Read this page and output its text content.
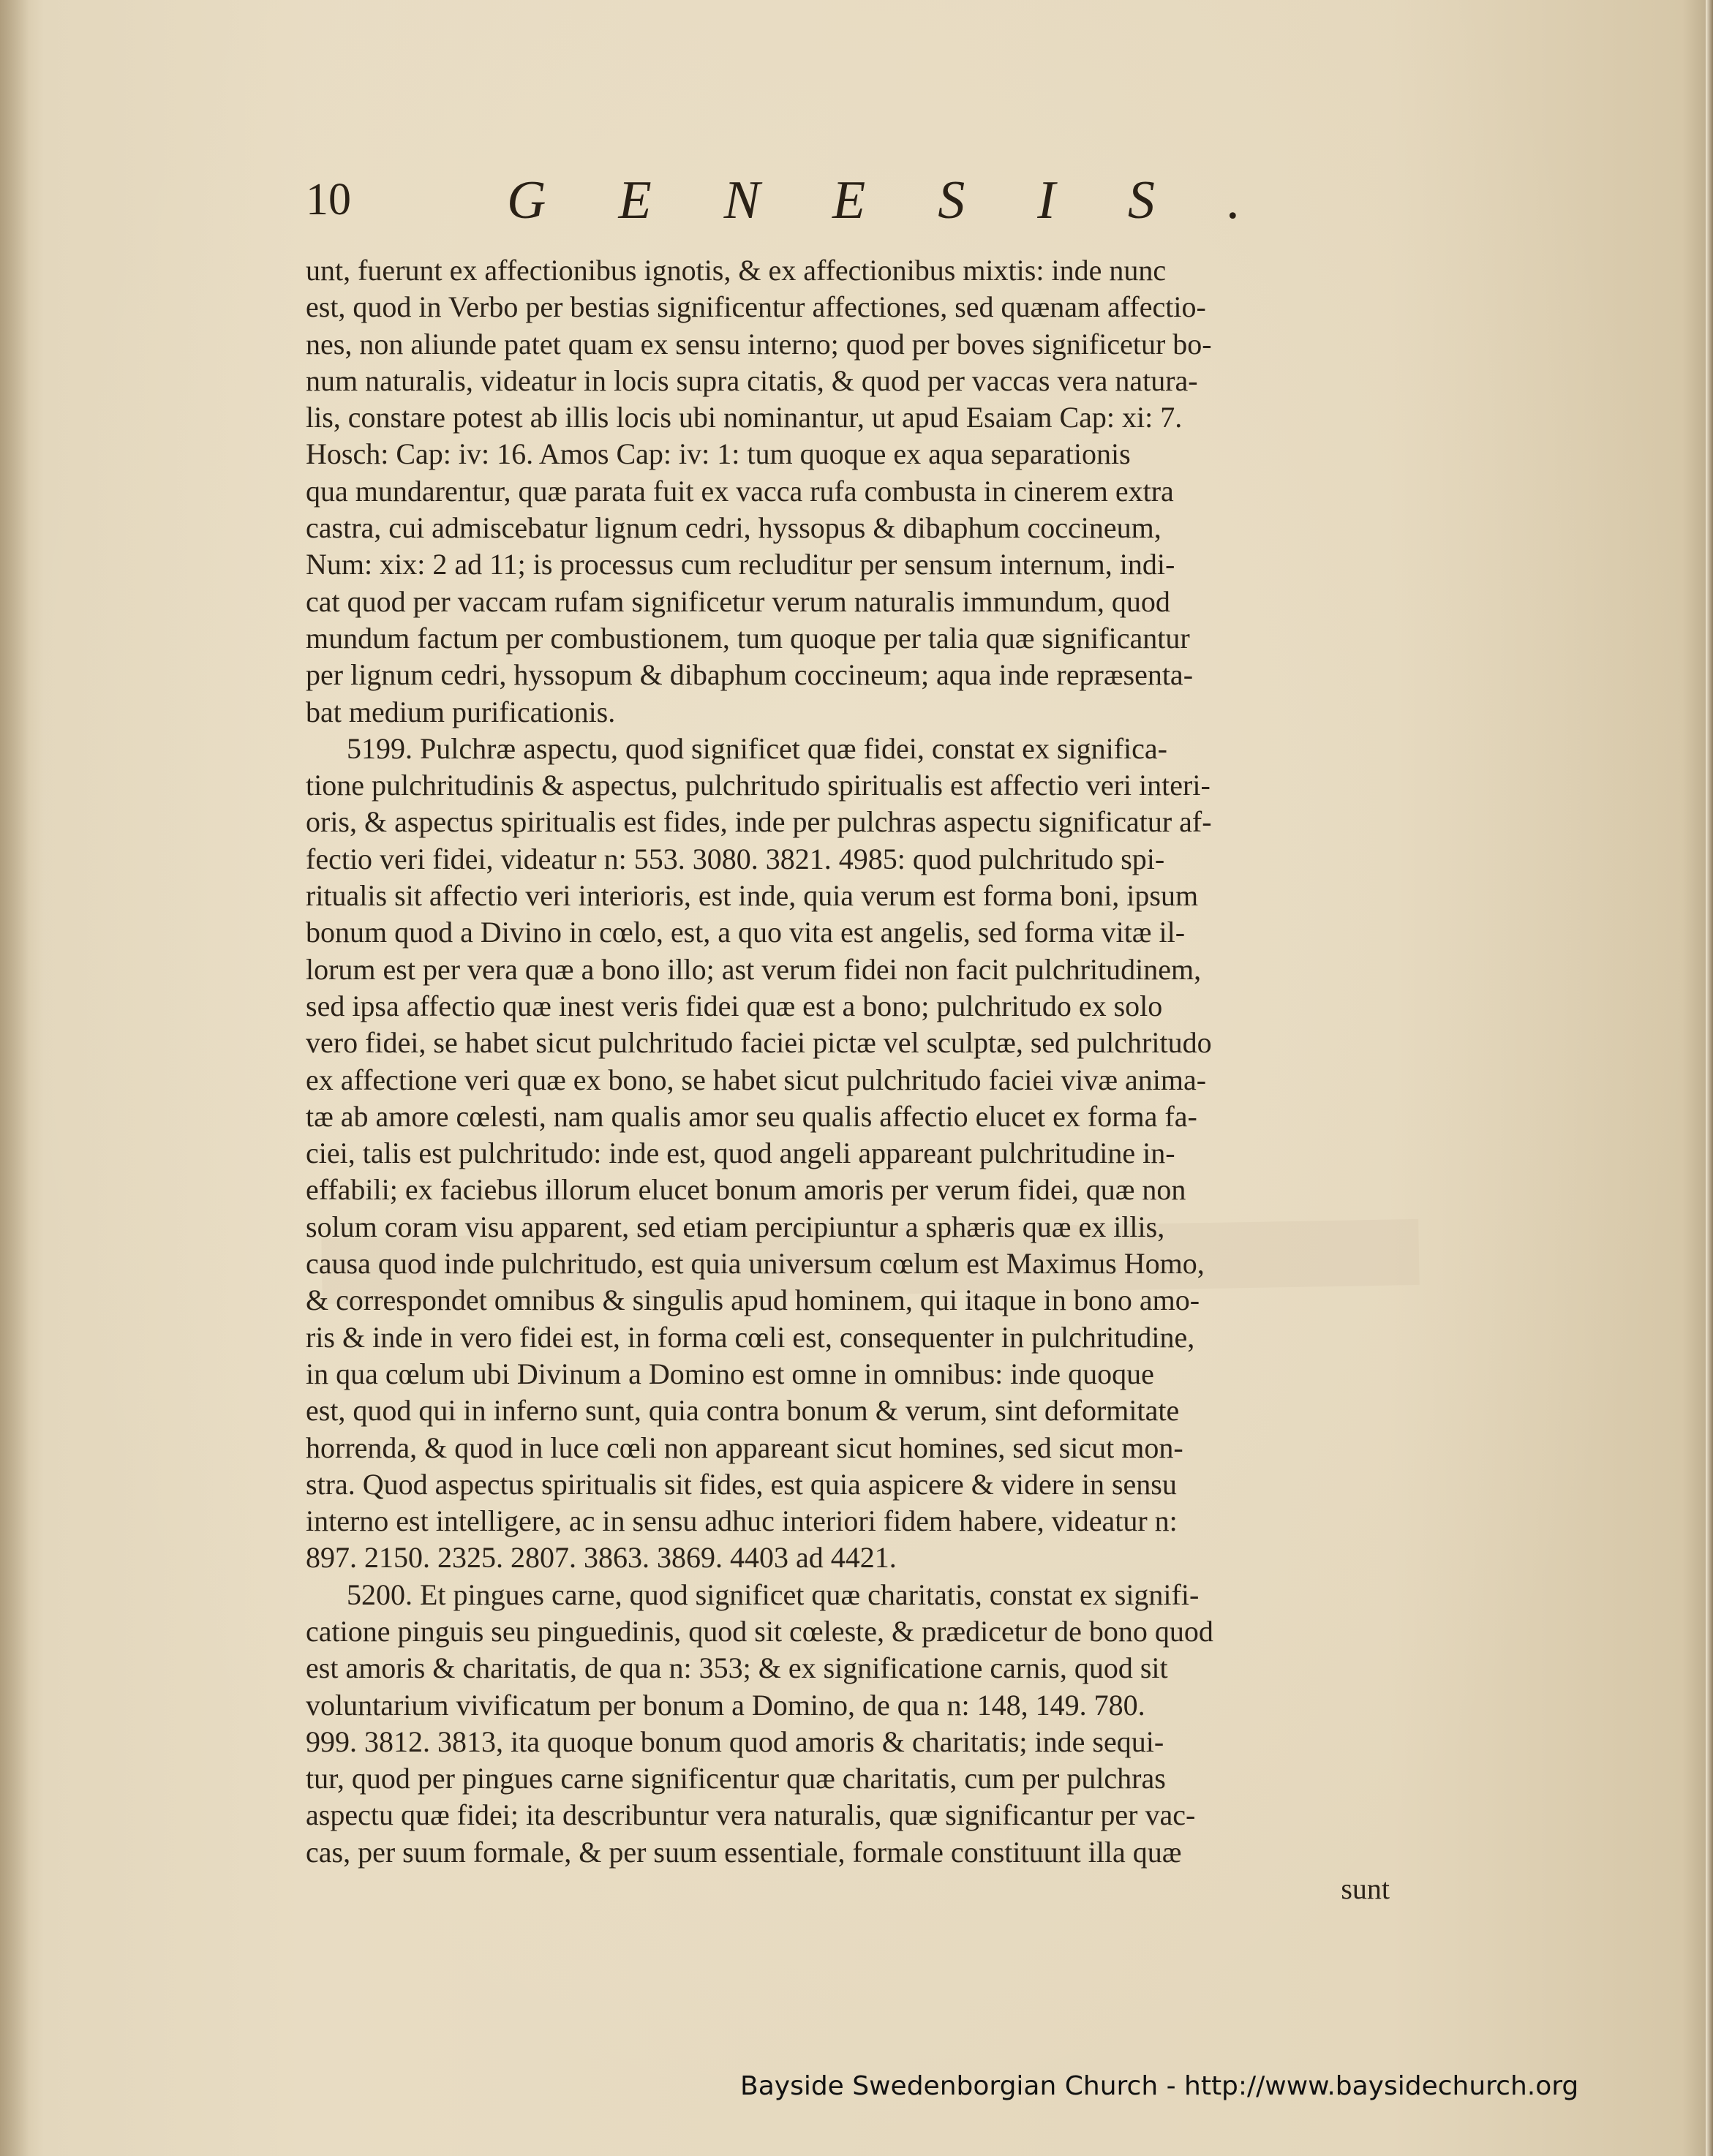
10	GENESIS.
unt, fuerunt ex affectionibus ignotis, & ex affectionibus mixtis: inde nunc
est, quod in Verbo per bestias significentur affectiones, sed quænam affectio-
nes, non aliunde patet quam ex sensu interno; quod per boves significetur bo-
num naturalis, videatur in locis supra citatis, & quod per vaccas vera natura-
lis, constare potest ab illis locis ubi nominantur, ut apud Esaiam Cap: xi: 7.
Hosch: Cap: iv: 16. Amos Cap: iv: 1: tum quoque ex aqua separationis
qua mundarentur, quæ parata fuit ex vacca rufa combusta in cinerem extra
castra, cui admiscebatur lignum cedri, hyssopus & dibaphum coccineum,
Num: xix: 2 ad 11; is processus cum recluditur per sensum internum, indi-
cat quod per vaccam rufam significetur verum naturalis immundum, quod
mundum factum per combustionem, tum quoque per talia quæ significantur
per lignum cedri, hyssopum & dibaphum coccineum; aqua inde repræsenta-
bat medium purificationis.
5199. Pulchræ aspectu, quod significet quæ fidei, constat ex significa-
tione pulchritudinis & aspectus, pulchritudo spiritualis est affectio veri interi-
oris, & aspectus spiritualis est fides, inde per pulchras aspectu significatur af-
fectio veri fidei, videatur n: 553. 3080. 3821. 4985: quod pulchritudo spi-
ritualis sit affectio veri interioris, est inde, quia verum est forma boni, ipsum
bonum quod a Divino in cœlo, est, a quo vita est angelis, sed forma vitæ il-
lorum est per vera quæ a bono illo; ast verum fidei non facit pulchritudinem,
sed ipsa affectio quæ inest veris fidei quæ est a bono; pulchritudo ex solo
vero fidei, se habet sicut pulchritudo faciei pictæ vel sculptæ, sed pulchritudo
ex affectione veri quæ ex bono, se habet sicut pulchritudo faciei vivæ anima-
tæ ab amore cœlesti, nam qualis amor seu qualis affectio elucet ex forma fa-
ciei, talis est pulchritudo: inde est, quod angeli appareant pulchritudine in-
effabili; ex faciebus illorum elucet bonum amoris per verum fidei, quæ non
solum coram visu apparent, sed etiam percipiuntur a sphæris quæ ex illis,
causa quod inde pulchritudo, est quia universum cœlum est Maximus Homo,
& correspondet omnibus & singulis apud hominem, qui itaque in bono amo-
ris & inde in vero fidei est, in forma cœli est, consequenter in pulchritudine,
in qua cœlum ubi Divinum a Domino est omne in omnibus: inde quoque
est, quod qui in inferno sunt, quia contra bonum & verum, sint deformitate
horrenda, & quod in luce cœli non appareant sicut homines, sed sicut mon-
stra. Quod aspectus spiritualis sit fides, est quia aspicere & videre in sensu
interno est intelligere, ac in sensu adhuc interiori fidem habere, videatur n:
897. 2150. 2325. 2807. 3863. 3869. 4403 ad 4421.
5200. Et pingues carne, quod significet quæ charitatis, constat ex signifi-
catione pinguis seu pinguedinis, quod sit cœleste, & prædicetur de bono quod
est amoris & charitatis, de qua n: 353; & ex significatione carnis, quod sit
voluntarium vivificatum per bonum a Domino, de qua n: 148, 149. 780.
999. 3812. 3813, ita quoque bonum quod amoris & charitatis; inde sequi-
tur, quod per pingues carne significentur quæ charitatis, cum per pulchras
aspectu quæ fidei; ita describuntur vera naturalis, quæ significantur per vac-
cas, per suum formale, & per suum essentiale, formale constituunt illa quæ
sunt
Bayside Swedenborgian Church - http://www.baysidechurch.org
